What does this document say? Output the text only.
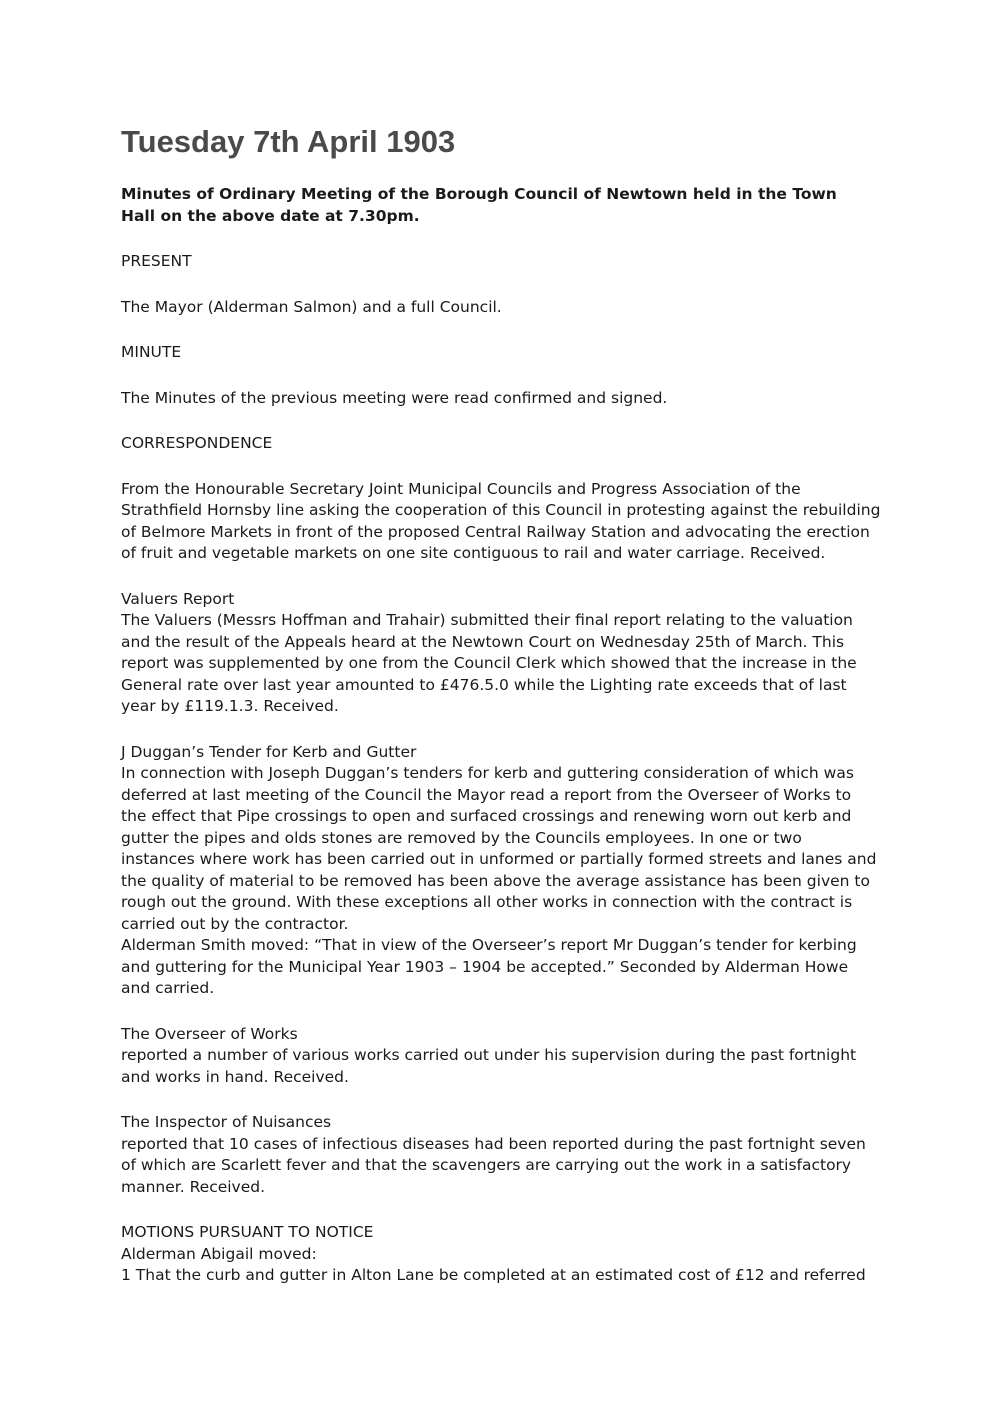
Tuesday 7th April 1903
Minutes of Ordinary Meeting of the Borough Council of Newtown held in the Town
Hall on the above date at 7.30pm.
PRESENT
The Mayor (Alderman Salmon) and a full Council.
MINUTE
The Minutes of the previous meeting were read confirmed and signed.
CORRESPONDENCE
From the Honourable Secretary Joint Municipal Councils and Progress Association of the
Strathfield Hornsby line asking the cooperation of this Council in protesting against the rebuilding
of Belmore Markets in front of the proposed Central Railway Station and advocating the erection
of fruit and vegetable markets on one site contiguous to rail and water carriage. Received.
Valuers Report
The Valuers (Messrs Hoffman and Trahair) submitted their final report relating to the valuation
and the result of the Appeals heard at the Newtown Court on Wednesday 25th of March. This
report was supplemented by one from the Council Clerk which showed that the increase in the
General rate over last year amounted to £476.5.0 while the Lighting rate exceeds that of last
year by £119.1.3. Received.
J Duggan’s Tender for Kerb and Gutter
In connection with Joseph Duggan’s tenders for kerb and guttering consideration of which was
deferred at last meeting of the Council the Mayor read a report from the Overseer of Works to
the effect that Pipe crossings to open and surfaced crossings and renewing worn out kerb and
gutter the pipes and olds stones are removed by the Councils employees. In one or two
instances where work has been carried out in unformed or partially formed streets and lanes and
the quality of material to be removed has been above the average assistance has been given to
rough out the ground. With these exceptions all other works in connection with the contract is
carried out by the contractor.
Alderman Smith moved: “That in view of the Overseer’s report Mr Duggan’s tender for kerbing
and guttering for the Municipal Year 1903 – 1904 be accepted.” Seconded by Alderman Howe
and carried.
The Overseer of Works
reported a number of various works carried out under his supervision during the past fortnight
and works in hand. Received.
The Inspector of Nuisances
reported that 10 cases of infectious diseases had been reported during the past fortnight seven
of which are Scarlett fever and that the scavengers are carrying out the work in a satisfactory
manner. Received.
MOTIONS PURSUANT TO NOTICE
Alderman Abigail moved:
1 That the curb and gutter in Alton Lane be completed at an estimated cost of £12 and referred
